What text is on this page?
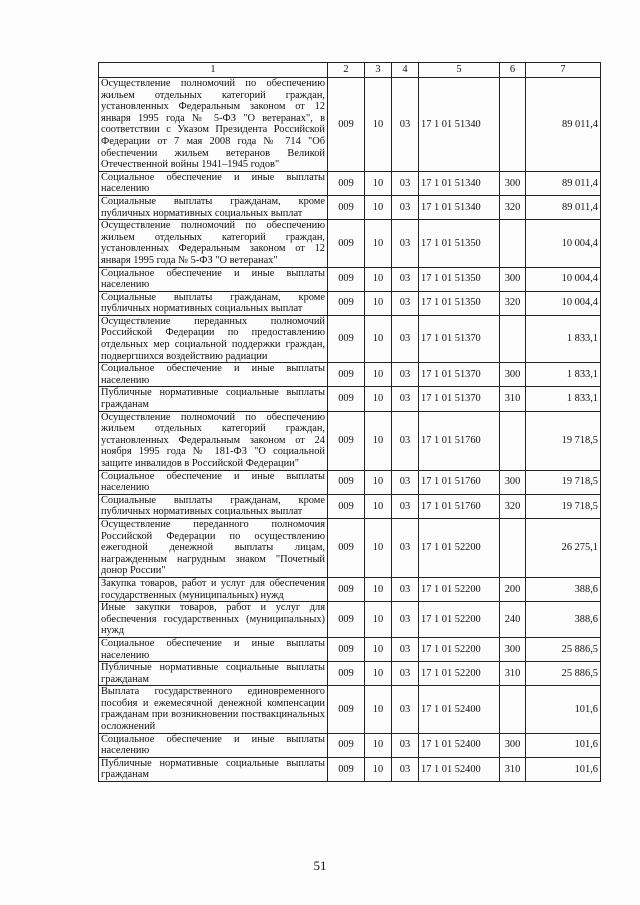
1	2	3	4	5	6	7
Осуществление полномочий по обеспечению жильем отдельных категорий граждан, установленных Федеральным законом от 12 января 1995 года № 5-ФЗ "О ветеранах", в соответствии с Указом Президента Российской Федерации от 7 мая 2008 года № 714 "Об обеспечении жильем ветеранов Великой Отечественной войны 1941–1945 годов"	009	10	03	17 1 01 51340		89 011,4
Социальное обеспечение и иные выплаты населению	009	10	03	17 1 01 51340	300	89 011,4
Социальные выплаты гражданам, кроме публичных нормативных социальных выплат	009	10	03	17 1 01 51340	320	89 011,4
Осуществление полномочий по обеспечению жильем отдельных категорий граждан, установленных Федеральным законом от 12 января 1995 года № 5-ФЗ "О ветеранах"	009	10	03	17 1 01 51350		10 004,4
Социальное обеспечение и иные выплаты населению	009	10	03	17 1 01 51350	300	10 004,4
Социальные выплаты гражданам, кроме публичных нормативных социальных выплат	009	10	03	17 1 01 51350	320	10 004,4
Осуществление переданных полномочий Российской Федерации по предоставлению отдельных мер социальной поддержки граждан, подвергшихся воздействию радиации	009	10	03	17 1 01 51370		1 833,1
Социальное обеспечение и иные выплаты населению	009	10	03	17 1 01 51370	300	1 833,1
Публичные нормативные социальные выплаты гражданам	009	10	03	17 1 01 51370	310	1 833,1
Осуществление полномочий по обеспечению жильем отдельных категорий граждан, установленных Федеральным законом от 24 ноября 1995 года № 181-ФЗ "О социальной защите инвалидов в Российской Федерации"	009	10	03	17 1 01 51760		19 718,5
Социальное обеспечение и иные выплаты населению	009	10	03	17 1 01 51760	300	19 718,5
Социальные выплаты гражданам, кроме публичных нормативных социальных выплат	009	10	03	17 1 01 51760	320	19 718,5
Осуществление переданного полномочия Российской Федерации по осуществлению ежегодной денежной выплаты лицам, награжденным нагрудным знаком "Почетный донор России"	009	10	03	17 1 01 52200		26 275,1
Закупка товаров, работ и услуг для обеспечения государственных (муниципальных) нужд	009	10	03	17 1 01 52200	200	388,6
Иные закупки товаров, работ и услуг для обеспечения государственных (муниципальных) нужд	009	10	03	17 1 01 52200	240	388,6
Социальное обеспечение и иные выплаты населению	009	10	03	17 1 01 52200	300	25 886,5
Публичные нормативные социальные выплаты гражданам	009	10	03	17 1 01 52200	310	25 886,5
Выплата государственного единовременного пособия и ежемесячной денежной компенсации гражданам при возникновении поствакцинальных осложнений	009	10	03	17 1 01 52400		101,6
Социальное обеспечение и иные выплаты населению	009	10	03	17 1 01 52400	300	101,6
Публичные нормативные социальные выплаты гражданам	009	10	03	17 1 01 52400	310	101,6
51
